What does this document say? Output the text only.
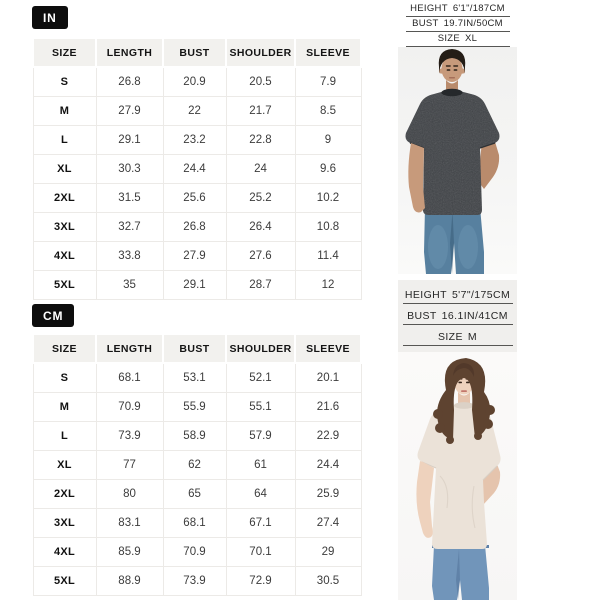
IN
SIZE	LENGTH	BUST	SHOULDER	SLEEVE
S	26.8	20.9	20.5	7.9
M	27.9	22	21.7	8.5
L	29.1	23.2	22.8	9
XL	30.3	24.4	24	9.6
2XL	31.5	25.6	25.2	10.2
3XL	32.7	26.8	26.4	10.8
4XL	33.8	27.9	27.6	11.4
5XL	35	29.1	28.7	12
CM
SIZE	LENGTH	BUST	SHOULDER	SLEEVE
S	68.1	53.1	52.1	20.1
M	70.9	55.9	55.1	21.6
L	73.9	58.9	57.9	22.9
XL	77	62	61	24.4
2XL	80	65	64	25.9
3XL	83.1	68.1	67.1	27.4
4XL	85.9	70.9	70.1	29
5XL	88.9	73.9	72.9	30.5
HEIGHT 6'1"/187CM
BUST 19.7IN/50CM
SIZE XL
HEIGHT 5'7"/175CM
BUST 16.1IN/41CM
SIZE M
